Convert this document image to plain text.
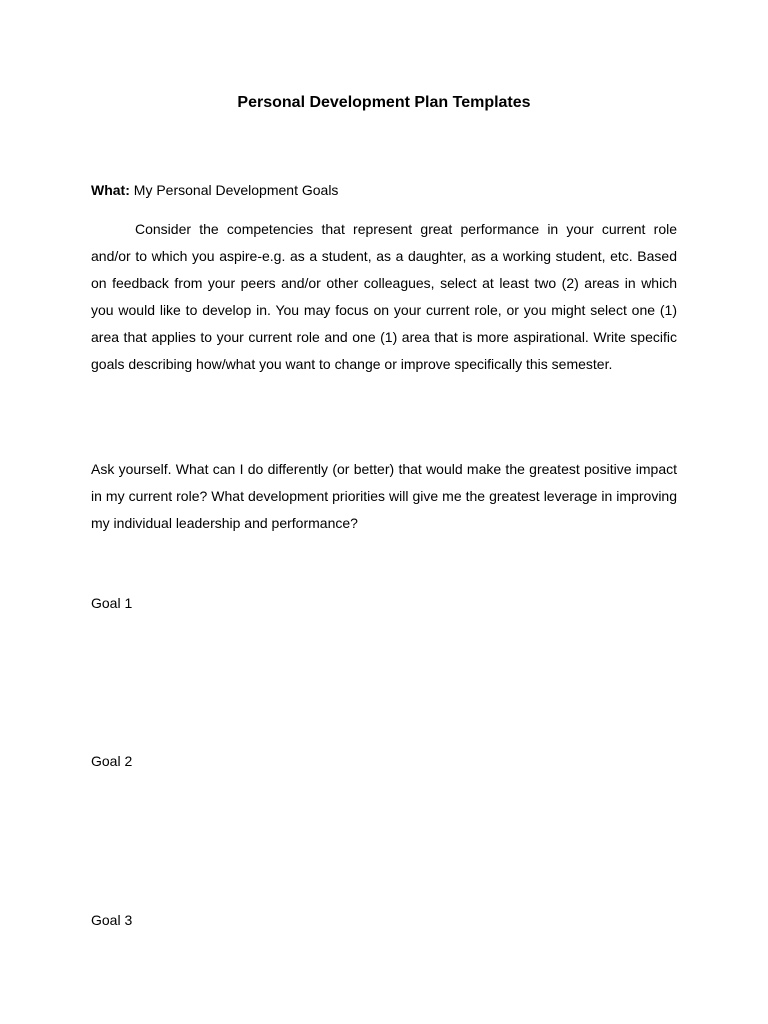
Personal Development Plan Templates

What: My Personal Development Goals

Consider the competencies that represent great performance in your current role and/or to which you aspire-e.g. as a student, as a daughter, as a working student, etc. Based on feedback from your peers and/or other colleagues, select at least two (2) areas in which you would like to develop in. You may focus on your current role, or you might select one (1) area that applies to your current role and one (1) area that is more aspirational. Write specific goals describing how/what you want to change or improve specifically this semester.

Ask yourself. What can I do differently (or better) that would make the greatest positive impact in my current role? What development priorities will give me the greatest leverage in improving my individual leadership and performance?

Goal 1

Goal 2

Goal 3
